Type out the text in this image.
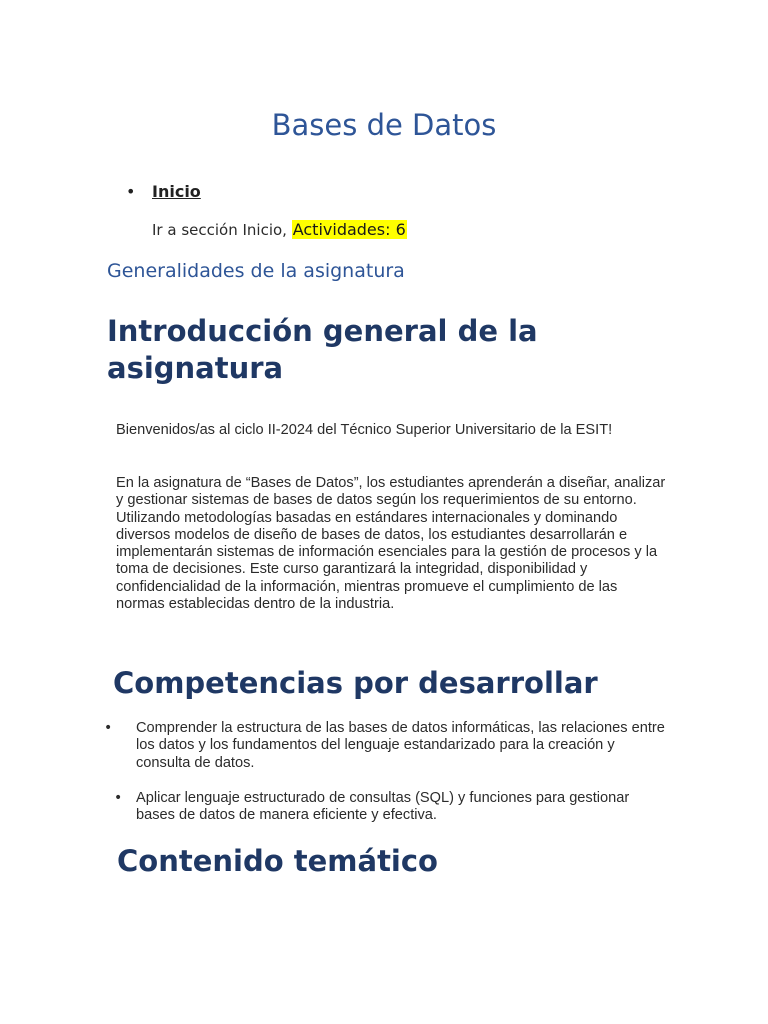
Bases de Datos
• Inicio
Ir a sección Inicio, Actividades: 6
Generalidades de la asignatura
Introducción general de la asignatura

Bienvenidos/as al ciclo II-2024 del Técnico Superior Universitario de la ESIT!

En la asignatura de “Bases de Datos”, los estudiantes aprenderán a diseñar, analizar y gestionar sistemas de bases de datos según los requerimientos de su entorno. Utilizando metodologías basadas en estándares internacionales y dominando diversos modelos de diseño de bases de datos, los estudiantes desarrollarán e implementarán sistemas de información esenciales para la gestión de procesos y la toma de decisiones. Este curso garantizará la integridad, disponibilidad y confidencialidad de la información, mientras promueve el cumplimiento de las normas establecidas dentro de la industria.

Competencias por desarrollar
• Comprender la estructura de las bases de datos informáticas, las relaciones entre los datos y los fundamentos del lenguaje estandarizado para la creación y consulta de datos.

• Aplicar lenguaje estructurado de consultas (SQL) y funciones para gestionar bases de datos de manera eficiente y efectiva.

Contenido temático
